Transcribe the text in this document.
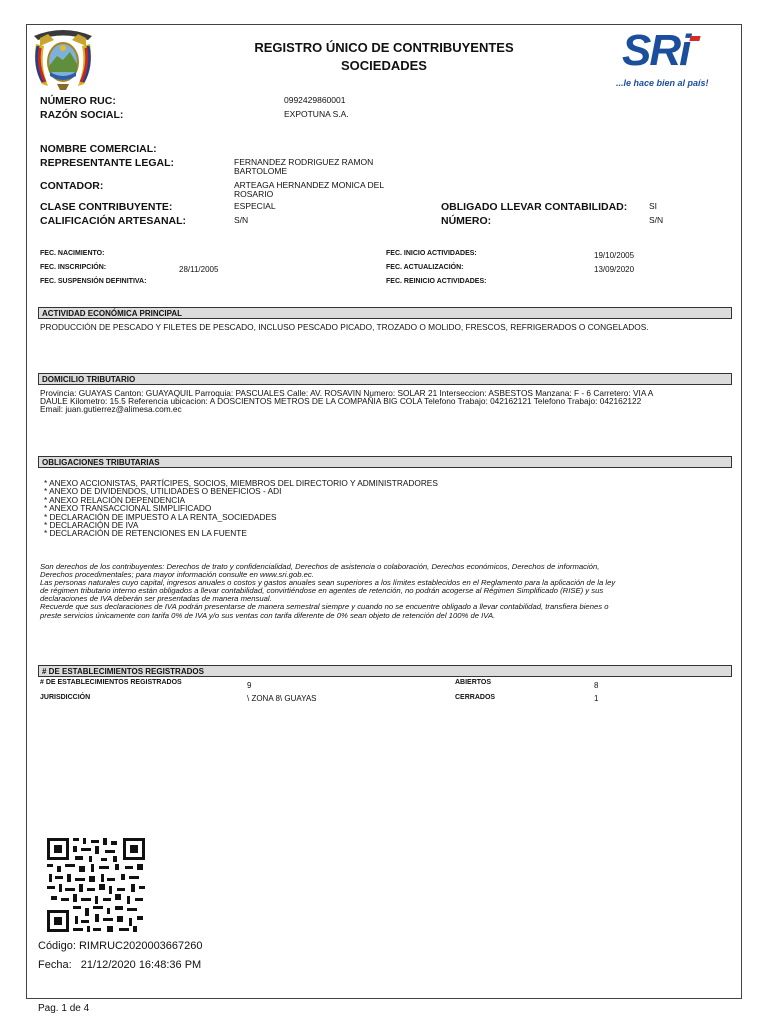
REGISTRO ÚNICO DE CONTRIBUYENTES
SOCIEDADES	SRi
...le hace bien al país!
NÚMERO RUC:	0992429860001
RAZÓN SOCIAL:	EXPOTUNA S.A.
NOMBRE COMERCIAL:
REPRESENTANTE LEGAL:	FERNANDEZ RODRIGUEZ RAMON
BARTOLOME
CONTADOR:	ARTEAGA HERNANDEZ MONICA DEL
ROSARIO
CLASE CONTRIBUYENTE:	ESPECIAL	OBLIGADO LLEVAR CONTABILIDAD:	SI
CALIFICACIÓN ARTESANAL:	S/N	NÚMERO:	S/N
FEC. NACIMIENTO:
FEC. INSCRIPCIÓN:	28/11/2005
FEC. SUSPENSIÓN DEFINITIVA:
FEC. INICIO ACTIVIDADES:	19/10/2005
FEC. ACTUALIZACIÓN:	13/09/2020
FEC. REINICIO ACTIVIDADES:
ACTIVIDAD ECONÓMICA PRINCIPAL
PRODUCCIÓN DE PESCADO Y FILETES DE PESCADO, INCLUSO PESCADO PICADO, TROZADO O MOLIDO, FRESCOS, REFRIGERADOS O CONGELADOS.
DOMICILIO TRIBUTARIO
Provincia: GUAYAS Canton: GUAYAQUIL Parroquia: PASCUALES Calle: AV. ROSAVIN Numero: SOLAR 21 Interseccion: ASBESTOS Manzana: F - 6 Carretero: VIA A
DAULE Kilometro: 15.5 Referencia ubicacion: A DOSCIENTOS METROS DE LA COMPAÑIA BIG COLA Telefono Trabajo: 042162121 Telefono Trabajo: 042162122
Email: juan.gutierrez@alimesa.com.ec
OBLIGACIONES TRIBUTARIAS
* ANEXO ACCIONISTAS, PARTÍCIPES, SOCIOS, MIEMBROS DEL DIRECTORIO Y ADMINISTRADORES
* ANEXO DE DIVIDENDOS, UTILIDADES O BENEFICIOS - ADI
* ANEXO RELACIÓN DEPENDENCIA
* ANEXO TRANSACCIONAL SIMPLIFICADO
* DECLARACIÓN DE IMPUESTO A LA RENTA_SOCIEDADES
* DECLARACIÓN DE IVA
* DECLARACIÓN DE RETENCIONES EN LA FUENTE
Son derechos de los contribuyentes: Derechos de trato y confidencialidad, Derechos de asistencia o colaboración, Derechos económicos, Derechos de información,
Derechos procedimentales; para mayor información consulte en www.sri.gob.ec.
Las personas naturales cuyo capital, ingresos anuales o costos y gastos anuales sean superiores a los límites establecidos en el Reglamento para la aplicación de la ley
de régimen tributario interno están obligados a llevar contabilidad, convirtiéndose en agentes de retención, no podrán acogerse al Régimen Simplificado (RISE) y sus
declaraciones de IVA deberán ser presentadas de manera mensual.
Recuerde que sus declaraciones de IVA podrán presentarse de manera semestral siempre y cuando no se encuentre obligado a llevar contabilidad, transfiera bienes o
preste servicios únicamente con tarifa 0% de IVA y/o sus ventas con tarifa diferente de 0% sean objeto de retención del 100% de IVA.
# DE ESTABLECIMIENTOS REGISTRADOS
# DE ESTABLECIMIENTOS REGISTRADOS	9	ABIERTOS	8
JURISDICCIÓN	\ ZONA 8\ GUAYAS	CERRADOS	1
Código: RIMRUC2020003667260
Fecha: 21/12/2020 16:48:36 PM
Pag. 1 de 4
